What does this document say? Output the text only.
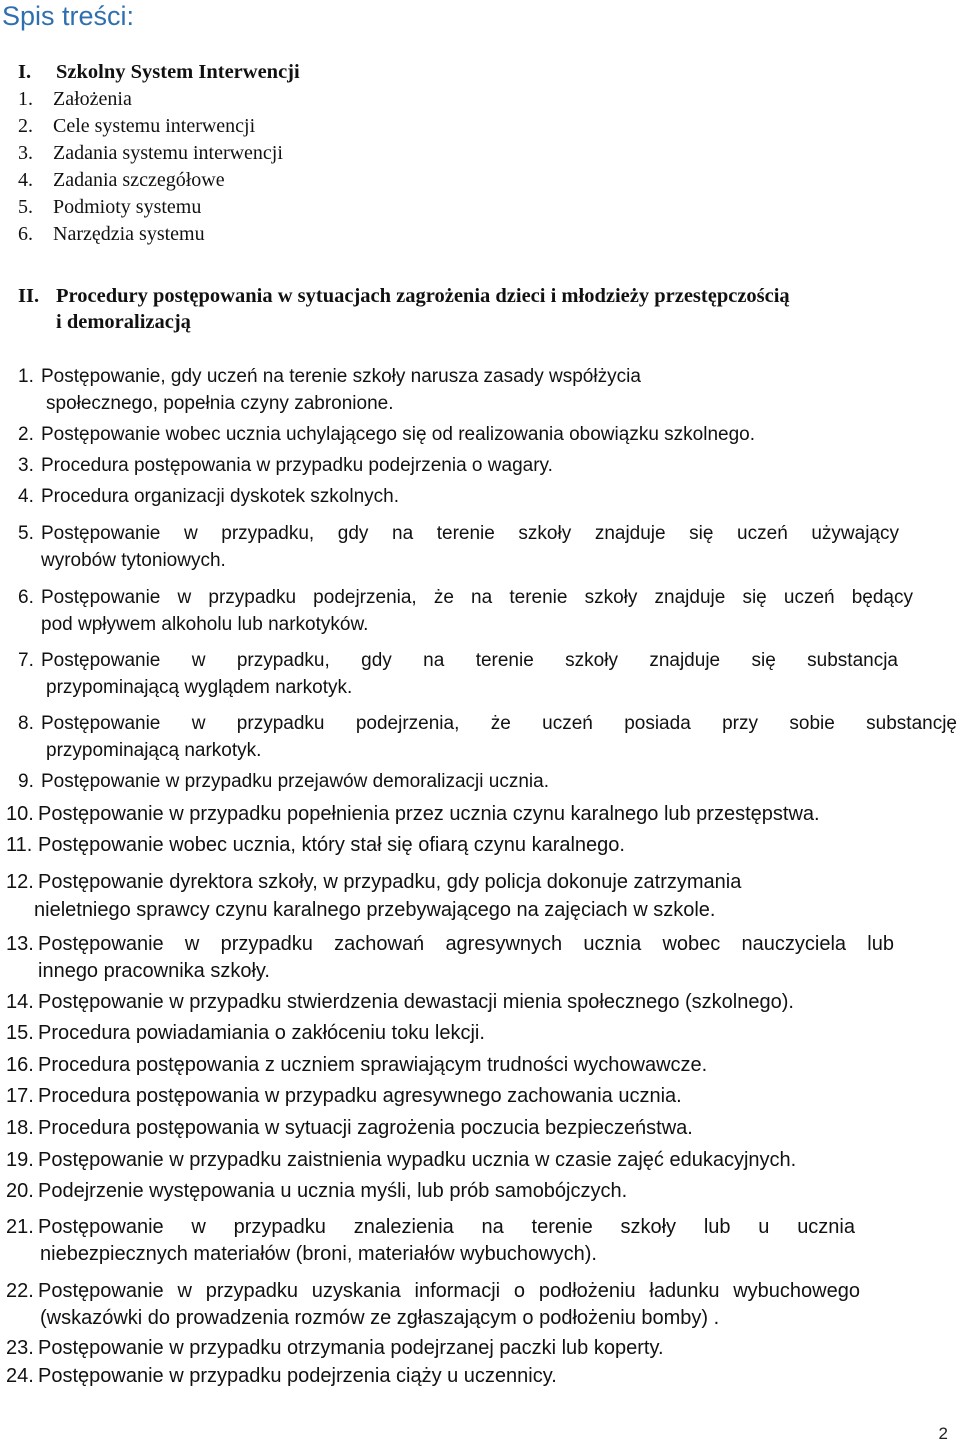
Spis treści:
I. Szkolny System Interwencji
1. Założenia
2. Cele systemu interwencji
3. Zadania systemu interwencji
4. Zadania szczegółowe
5. Podmioty systemu
6. Narzędzia systemu
II. Procedury postępowania w sytuacjach zagrożenia dzieci i młodzieży przestępczością
i demoralizacją
1. Postępowanie, gdy uczeń na terenie szkoły narusza zasady współżycia
społecznego, popełnia czyny zabronione.
2. Postępowanie wobec ucznia uchylającego się od realizowania obowiązku szkolnego.
3. Procedura postępowania w przypadku podejrzenia o wagary.
4. Procedura organizacji dyskotek szkolnych.
5. Postępowanie w przypadku, gdy na terenie szkoły znajduje się uczeń używający
wyrobów tytoniowych.
6. Postępowanie w przypadku podejrzenia, że na terenie szkoły znajduje się uczeń będący
pod wpływem alkoholu lub narkotyków.
7. Postępowanie w przypadku, gdy na terenie szkoły znajduje się substancja
przypominającą wyglądem narkotyk.
8. Postępowanie w przypadku podejrzenia, że uczeń posiada przy sobie substancję
przypominającą narkotyk.
9. Postępowanie w przypadku przejawów demoralizacji ucznia.
10. Postępowanie w przypadku popełnienia przez ucznia czynu karalnego lub przestępstwa.
11. Postępowanie wobec ucznia, który stał się ofiarą czynu karalnego.
12. Postępowanie dyrektora szkoły, w przypadku, gdy policja dokonuje zatrzymania
nieletniego sprawcy czynu karalnego przebywającego na zajęciach w szkole.
13. Postępowanie w przypadku zachowań agresywnych ucznia wobec nauczyciela lub
innego pracownika szkoły.
14. Postępowanie w przypadku stwierdzenia dewastacji mienia społecznego (szkolnego).
15. Procedura powiadamiania o zakłóceniu toku lekcji.
16. Procedura postępowania z uczniem sprawiającym trudności wychowawcze.
17. Procedura postępowania w przypadku agresywnego zachowania ucznia.
18. Procedura postępowania w sytuacji zagrożenia poczucia bezpieczeństwa.
19. Postępowanie w przypadku zaistnienia wypadku ucznia w czasie zajęć edukacyjnych.
20. Podejrzenie występowania u ucznia myśli, lub prób samobójczych.
21. Postępowanie w przypadku znalezienia na terenie szkoły lub u ucznia
niebezpiecznych materiałów (broni, materiałów wybuchowych).
22. Postępowanie w przypadku uzyskania informacji o podłożeniu ładunku wybuchowego
(wskazówki do prowadzenia rozmów ze zgłaszającym o podłożeniu bomby) .
23. Postępowanie w przypadku otrzymania podejrzanej paczki lub koperty.
24. Postępowanie w przypadku podejrzenia ciąży u uczennicy.
2
